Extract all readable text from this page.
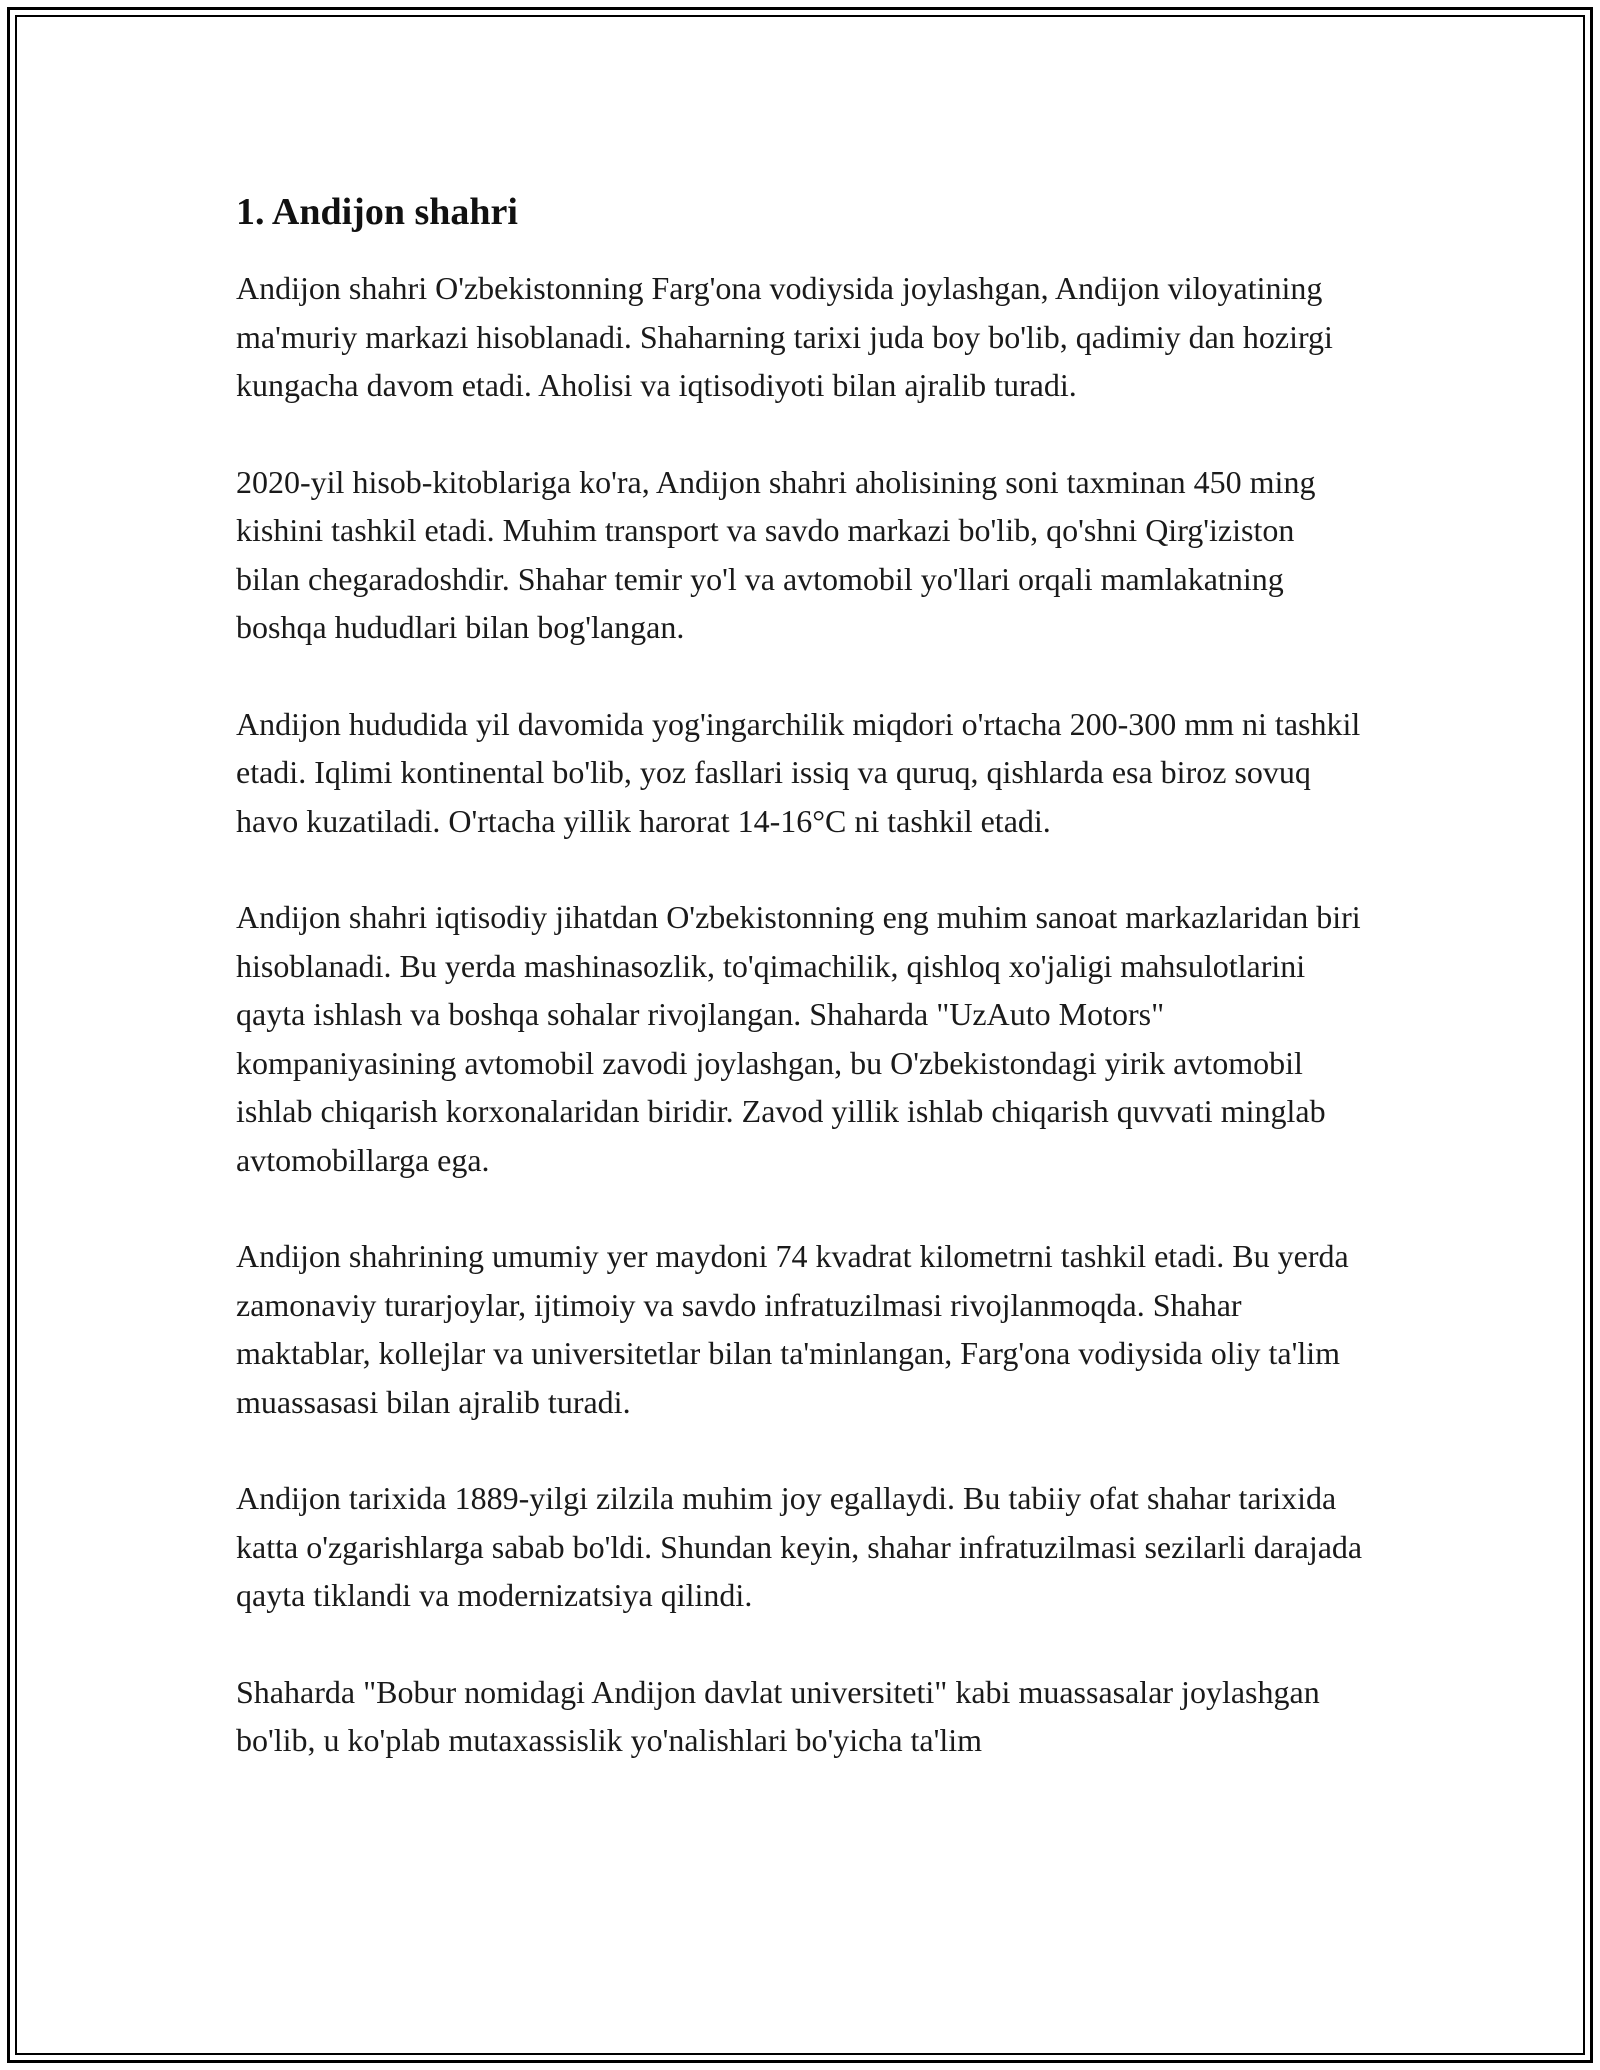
1. Andijon shahri

Andijon shahri O'zbekistonning Farg'ona vodiysida joylashgan, Andijon viloyatining ma'muriy markazi hisoblanadi. Shaharning tarixi juda boy bo'lib, qadimiy dan hozirgi kungacha davom etadi. Aholisi va iqtisodiyoti bilan ajralib turadi.

2020-yil hisob-kitoblariga ko'ra, Andijon shahri aholisining soni taxminan 450 ming kishini tashkil etadi. Muhim transport va savdo markazi bo'lib, qo'shni Qirg'iziston bilan chegaradoshdir. Shahar temir yo'l va avtomobil yo'llari orqali mamlakatning boshqa hududlari bilan bog'langan.

Andijon hududida yil davomida yog'ingarchilik miqdori o'rtacha 200-300 mm ni tashkil etadi. Iqlimi kontinental bo'lib, yoz fasllari issiq va quruq, qishlarda esa biroz sovuq havo kuzatiladi. O'rtacha yillik harorat 14-16°C ni tashkil etadi.

Andijon shahri iqtisodiy jihatdan O'zbekistonning eng muhim sanoat markazlaridan biri hisoblanadi. Bu yerda mashinasozlik, to'qimachilik, qishloq xo'jaligi mahsulotlarini qayta ishlash va boshqa sohalar rivojlangan. Shaharda "UzAuto Motors" kompaniyasining avtomobil zavodi joylashgan, bu O'zbekistondagi yirik avtomobil ishlab chiqarish korxonalaridan biridir. Zavod yillik ishlab chiqarish quvvati minglab avtomobillarga ega.

Andijon shahrining umumiy yer maydoni 74 kvadrat kilometrni tashkil etadi. Bu yerda zamonaviy turarjoylar, ijtimoiy va savdo infratuzilmasi rivojlanmoqda. Shahar maktablar, kollejlar va universitetlar bilan ta'minlangan, Farg'ona vodiysida oliy ta'lim muassasasi bilan ajralib turadi.

Andijon tarixida 1889-yilgi zilzila muhim joy egallaydi. Bu tabiiy ofat shahar tarixida katta o'zgarishlarga sabab bo'ldi. Shundan keyin, shahar infratuzilmasi sezilarli darajada qayta tiklandi va modernizatsiya qilindi.

Shaharda "Bobur nomidagi Andijon davlat universiteti" kabi muassasalar joylashgan bo'lib, u ko'plab mutaxassislik yo'nalishlari bo'yicha ta'lim
